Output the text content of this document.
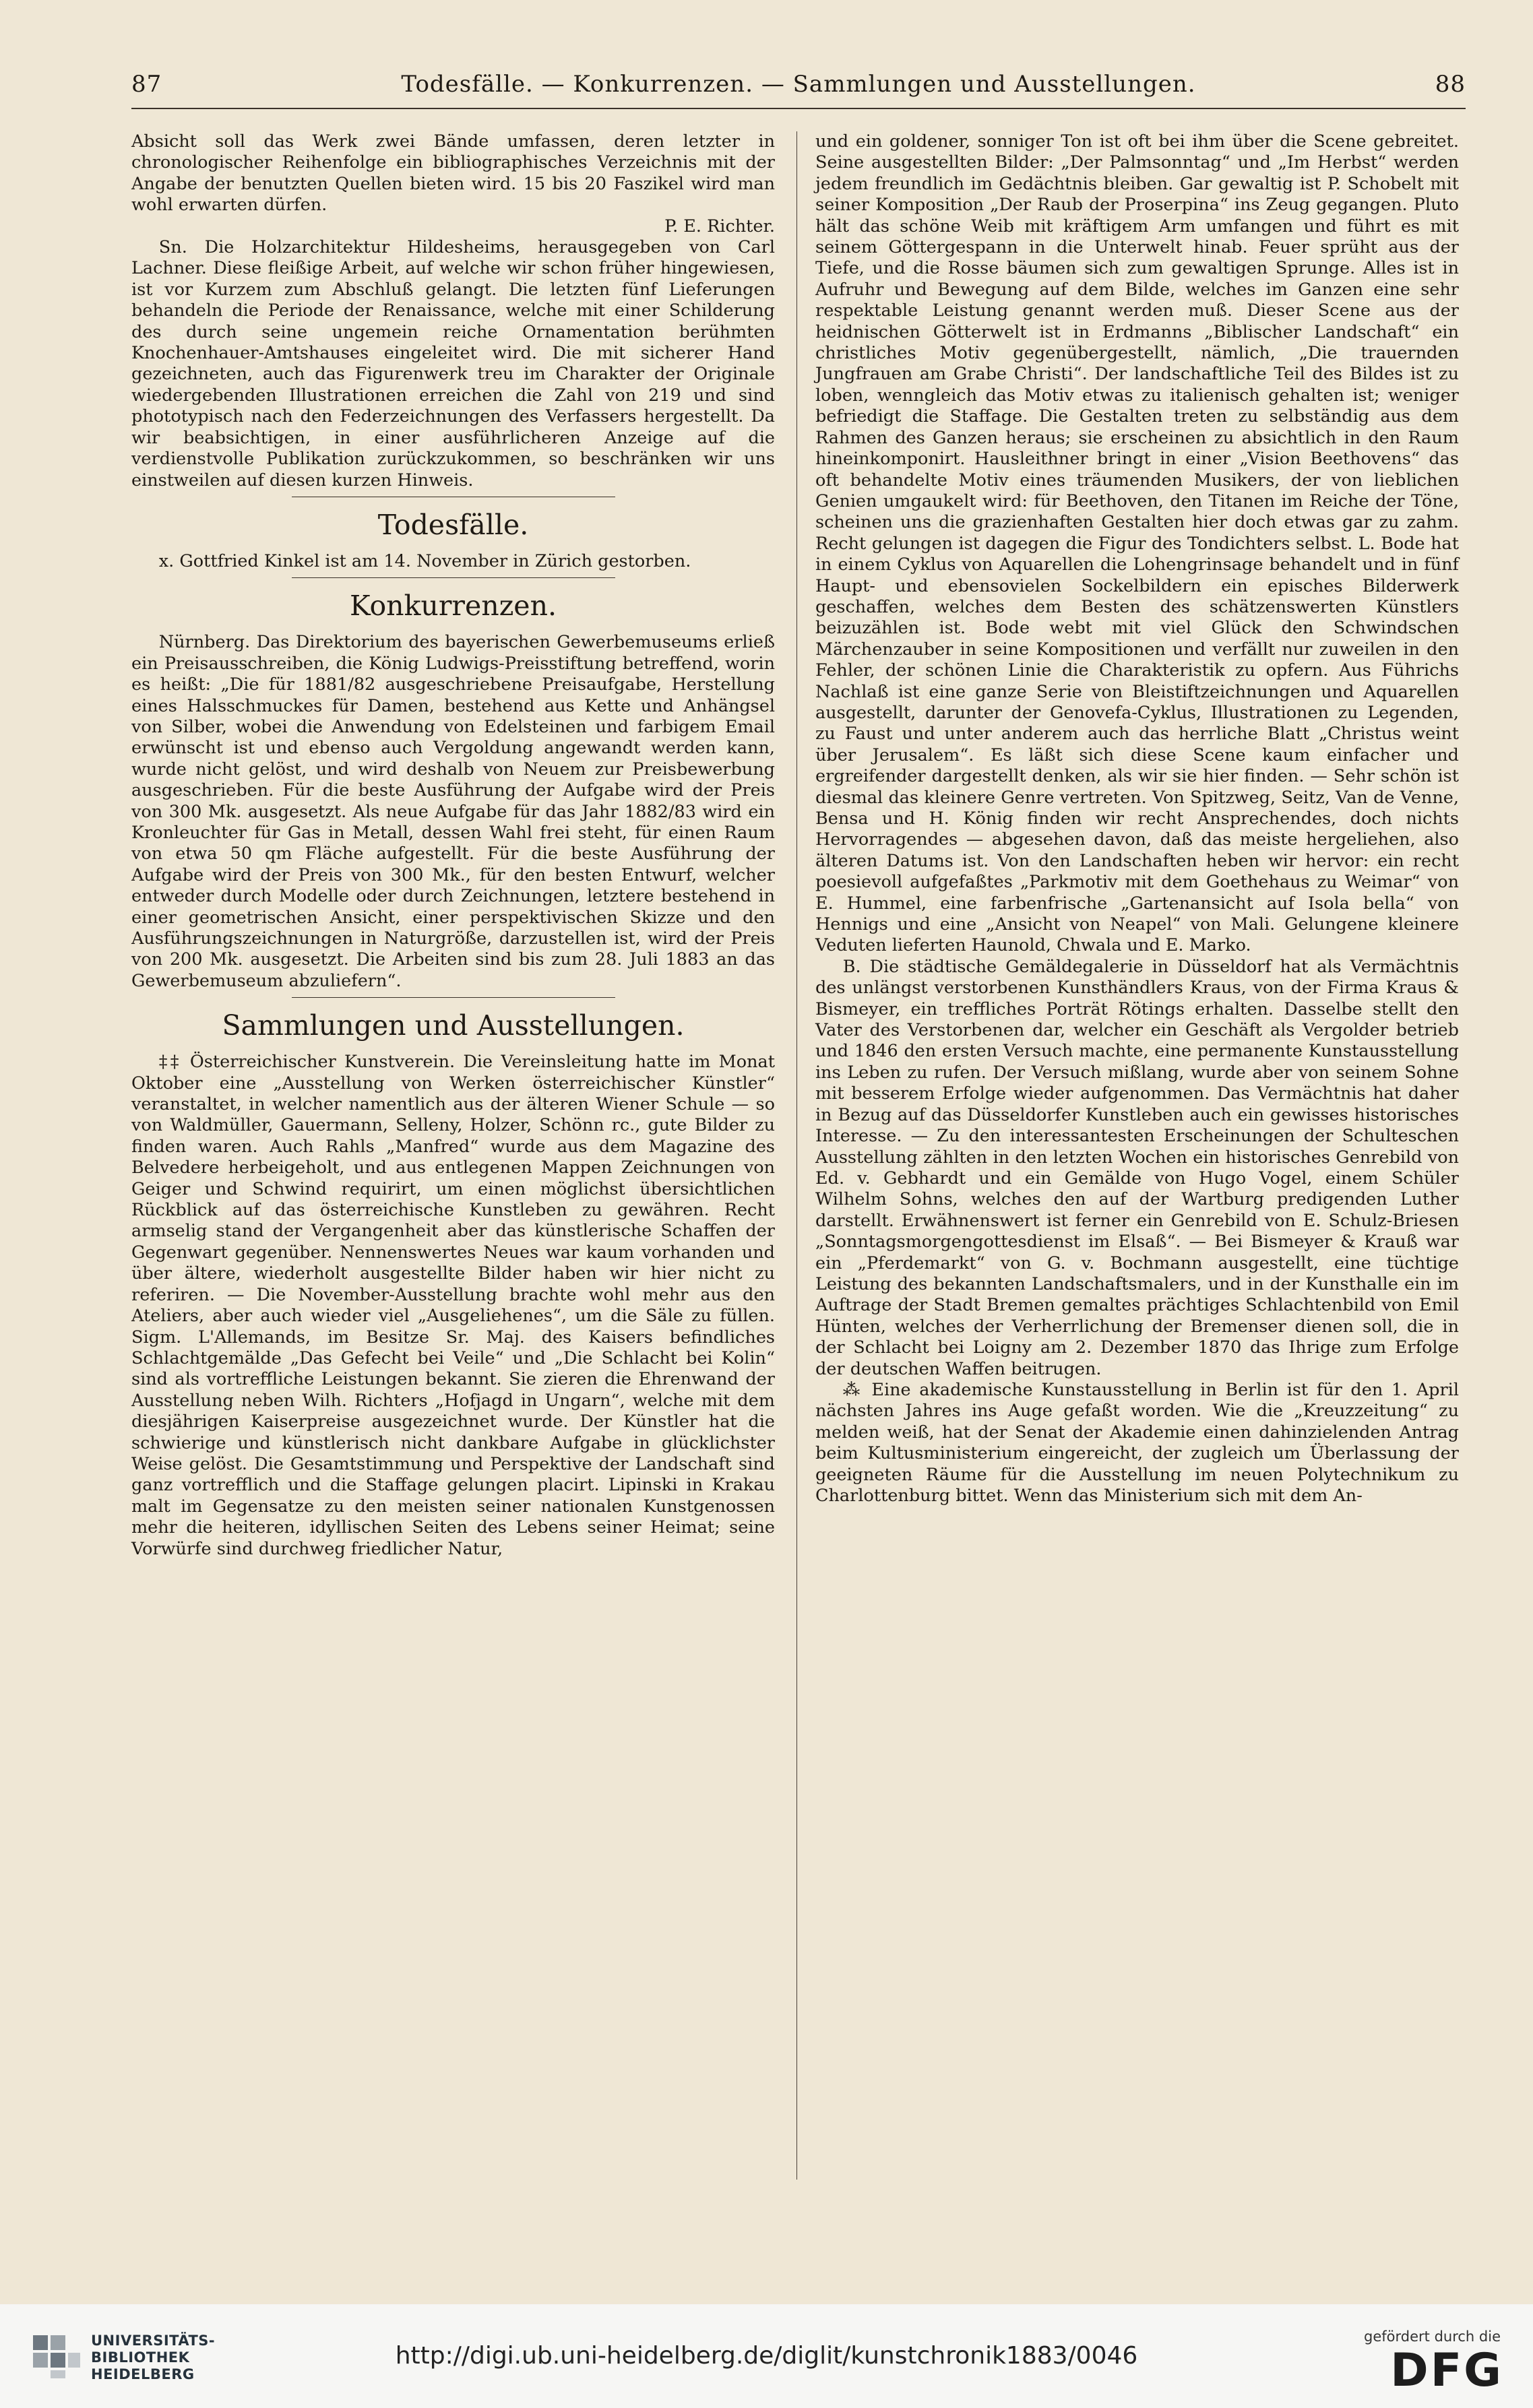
87	Todesfälle. — Konkurrenzen. — Sammlungen und Ausstellungen.	88

Absicht soll das Werk zwei Bände umfassen, deren letzter in chronologischer Reihenfolge ein bibliographisches Verzeichnis mit der Angabe der benutzten Quellen bieten wird. 15 bis 20 Faszikel wird man wohl erwarten dürfen.

P. E. Richter.

Sn. Die Holzarchitektur Hildesheims, herausgegeben von Carl Lachner. Diese fleißige Arbeit, auf welche wir schon früher hingewiesen, ist vor Kurzem zum Abschluß gelangt. Die letzten fünf Lieferungen behandeln die Periode der Renaissance, welche mit einer Schilderung des durch seine ungemein reiche Ornamentation berühmten Knochenhauer-Amtshauses eingeleitet wird. Die mit sicherer Hand gezeichneten, auch das Figurenwerk treu im Charakter der Originale wiedergebenden Illustrationen erreichen die Zahl von 219 und sind phototypisch nach den Federzeichnungen des Verfassers hergestellt. Da wir beabsichtigen, in einer ausführlicheren Anzeige auf die verdienstvolle Publikation zurückzukommen, so beschränken wir uns einstweilen auf diesen kurzen Hinweis.

Todesfälle.

x. Gottfried Kinkel ist am 14. November in Zürich gestorben.

Konkurrenzen.

Nürnberg. Das Direktorium des bayerischen Gewerbemuseums erließ ein Preisausschreiben, die König Ludwigs-Preisstiftung betreffend, worin es heißt: „Die für 1881/82 ausgeschriebene Preisaufgabe, Herstellung eines Halsschmuckes für Damen, bestehend aus Kette und Anhängsel von Silber, wobei die Anwendung von Edelsteinen und farbigem Email erwünscht ist und ebenso auch Vergoldung angewandt werden kann, wurde nicht gelöst, und wird deshalb von Neuem zur Preisbewerbung ausgeschrieben. Für die beste Ausführung der Aufgabe wird der Preis von 300 Mk. ausgesetzt. Als neue Aufgabe für das Jahr 1882/83 wird ein Kronleuchter für Gas in Metall, dessen Wahl frei steht, für einen Raum von etwa 50 qm Fläche aufgestellt. Für die beste Ausführung der Aufgabe wird der Preis von 300 Mk., für den besten Entwurf, welcher entweder durch Modelle oder durch Zeichnungen, letztere bestehend in einer geometrischen Ansicht, einer perspektivischen Skizze und den Ausführungszeichnungen in Naturgröße, darzustellen ist, wird der Preis von 200 Mk. ausgesetzt. Die Arbeiten sind bis zum 28. Juli 1883 an das Gewerbemuseum abzuliefern“.

Sammlungen und Ausstellungen.

‡‡ Österreichischer Kunstverein. Die Vereinsleitung hatte im Monat Oktober eine „Ausstellung von Werken österreichischer Künstler“ veranstaltet, in welcher namentlich aus der älteren Wiener Schule — so von Waldmüller, Gauermann, Selleny, Holzer, Schönn rc., gute Bilder zu finden waren. Auch Rahls „Manfred“ wurde aus dem Magazine des Belvedere herbeigeholt, und aus entlegenen Mappen Zeichnungen von Geiger und Schwind requirirt, um einen möglichst übersichtlichen Rückblick auf das österreichische Kunstleben zu gewähren. Recht armselig stand der Vergangenheit aber das künstlerische Schaffen der Gegenwart gegenüber. Nennenswertes Neues war kaum vorhanden und über ältere, wiederholt ausgestellte Bilder haben wir hier nicht zu referiren. — Die November-Ausstellung brachte wohl mehr aus den Ateliers, aber auch wieder viel „Ausgeliehenes“, um die Säle zu füllen. Sigm. L'Allemands, im Besitze Sr. Maj. des Kaisers befindliches Schlachtgemälde „Das Gefecht bei Veile“ und „Die Schlacht bei Kolin“ sind als vortreffliche Leistungen bekannt. Sie zieren die Ehrenwand der Ausstellung neben Wilh. Richters „Hofjagd in Ungarn“, welche mit dem diesjährigen Kaiserpreise ausgezeichnet wurde. Der Künstler hat die schwierige und künstlerisch nicht dankbare Aufgabe in glücklichster Weise gelöst. Die Gesamtstimmung und Perspektive der Landschaft sind ganz vortrefflich und die Staffage gelungen placirt. Lipinski in Krakau malt im Gegensatze zu den meisten seiner nationalen Kunstgenossen mehr die heiteren, idyllischen Seiten des Lebens seiner Heimat; seine Vorwürfe sind durchweg friedlicher Natur,

und ein goldener, sonniger Ton ist oft bei ihm über die Scene gebreitet. Seine ausgestellten Bilder: „Der Palmsonntag“ und „Im Herbst“ werden jedem freundlich im Gedächtnis bleiben. Gar gewaltig ist P. Schobelt mit seiner Komposition „Der Raub der Proserpina“ ins Zeug gegangen. Pluto hält das schöne Weib mit kräftigem Arm umfangen und führt es mit seinem Göttergespann in die Unterwelt hinab. Feuer sprüht aus der Tiefe, und die Rosse bäumen sich zum gewaltigen Sprunge. Alles ist in Aufruhr und Bewegung auf dem Bilde, welches im Ganzen eine sehr respektable Leistung genannt werden muß. Dieser Scene aus der heidnischen Götterwelt ist in Erdmanns „Biblischer Landschaft“ ein christliches Motiv gegenübergestellt, nämlich, „Die trauernden Jungfrauen am Grabe Christi“. Der landschaftliche Teil des Bildes ist zu loben, wenngleich das Motiv etwas zu italienisch gehalten ist; weniger befriedigt die Staffage. Die Gestalten treten zu selbständig aus dem Rahmen des Ganzen heraus; sie erscheinen zu absichtlich in den Raum hineinkomponirt. Hausleithner bringt in einer „Vision Beethovens“ das oft behandelte Motiv eines träumenden Musikers, der von lieblichen Genien umgaukelt wird: für Beethoven, den Titanen im Reiche der Töne, scheinen uns die grazienhaften Gestalten hier doch etwas gar zu zahm. Recht gelungen ist dagegen die Figur des Tondichters selbst. L. Bode hat in einem Cyklus von Aquarellen die Lohengrinsage behandelt und in fünf Haupt- und ebensovielen Sockelbildern ein episches Bilderwerk geschaffen, welches dem Besten des schätzenswerten Künstlers beizuzählen ist. Bode webt mit viel Glück den Schwindschen Märchenzauber in seine Kompositionen und verfällt nur zuweilen in den Fehler, der schönen Linie die Charakteristik zu opfern. Aus Führichs Nachlaß ist eine ganze Serie von Bleistiftzeichnungen und Aquarellen ausgestellt, darunter der Genovefa-Cyklus, Illustrationen zu Legenden, zu Faust und unter anderem auch das herrliche Blatt „Christus weint über Jerusalem“. Es läßt sich diese Scene kaum einfacher und ergreifender dargestellt denken, als wir sie hier finden. — Sehr schön ist diesmal das kleinere Genre vertreten. Von Spitzweg, Seitz, Van de Venne, Bensa und H. König finden wir recht Ansprechendes, doch nichts Hervorragendes — abgesehen davon, daß das meiste hergeliehen, also älteren Datums ist. Von den Landschaften heben wir hervor: ein recht poesievoll aufgefaßtes „Parkmotiv mit dem Goethehaus zu Weimar“ von E. Hummel, eine farbenfrische „Gartenansicht auf Isola bella“ von Hennigs und eine „Ansicht von Neapel“ von Mali. Gelungene kleinere Veduten lieferten Haunold, Chwala und E. Marko.

B. Die städtische Gemäldegalerie in Düsseldorf hat als Vermächtnis des unlängst verstorbenen Kunsthändlers Kraus, von der Firma Kraus & Bismeyer, ein treffliches Porträt Rötings erhalten. Dasselbe stellt den Vater des Verstorbenen dar, welcher ein Geschäft als Vergolder betrieb und 1846 den ersten Versuch machte, eine permanente Kunstausstellung ins Leben zu rufen. Der Versuch mißlang, wurde aber von seinem Sohne mit besserem Erfolge wieder aufgenommen. Das Vermächtnis hat daher in Bezug auf das Düsseldorfer Kunstleben auch ein gewisses historisches Interesse. — Zu den interessantesten Erscheinungen der Schulteschen Ausstellung zählten in den letzten Wochen ein historisches Genrebild von Ed. v. Gebhardt und ein Gemälde von Hugo Vogel, einem Schüler Wilhelm Sohns, welches den auf der Wartburg predigenden Luther darstellt. Erwähnenswert ist ferner ein Genrebild von E. Schulz-Briesen „Sonntagsmorgengottesdienst im Elsaß“. — Bei Bismeyer & Krauß war ein „Pferdemarkt“ von G. v. Bochmann ausgestellt, eine tüchtige Leistung des bekannten Landschaftsmalers, und in der Kunsthalle ein im Auftrage der Stadt Bremen gemaltes prächtiges Schlachtenbild von Emil Hünten, welches der Verherrlichung der Bremenser dienen soll, die in der Schlacht bei Loigny am 2. Dezember 1870 das Ihrige zum Erfolge der deutschen Waffen beitrugen.

⁂ Eine akademische Kunstausstellung in Berlin ist für den 1. April nächsten Jahres ins Auge gefaßt worden. Wie die „Kreuzzeitung“ zu melden weiß, hat der Senat der Akademie einen dahinzielenden Antrag beim Kultusministerium eingereicht, der zugleich um Überlassung der geeigneten Räume für die Ausstellung im neuen Polytechnikum zu Charlottenburg bittet. Wenn das Ministerium sich mit dem An-

UNIVERSITÄTS-
BIBLIOTHEK
HEIDELBERG
http://digi.ub.uni-heidelberg.de/diglit/kunstchronik1883/0046
gefördert durch die
DFG
